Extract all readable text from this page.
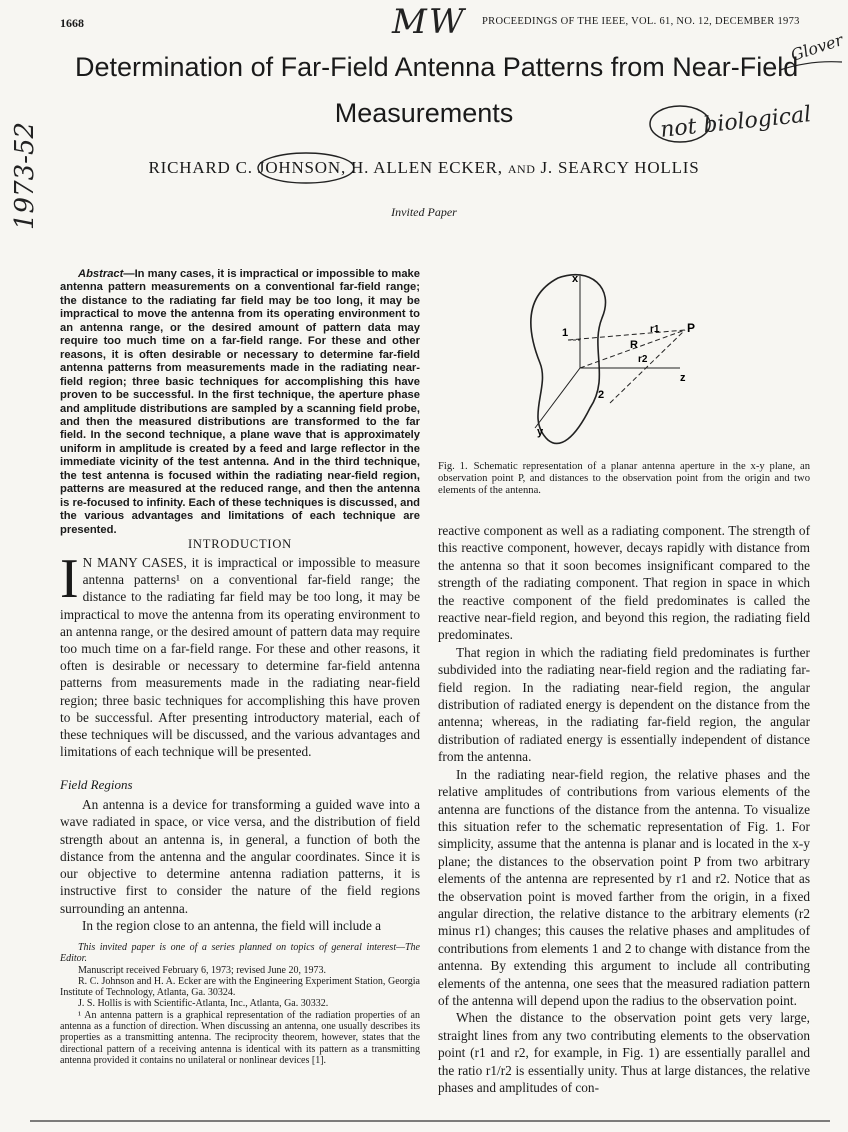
1668	PROCEEDINGS OF THE IEEE, VOL. 61, NO. 12, DECEMBER 1973
MW
1973-52
Glover
not biological
Determination of Far-Field Antenna Patterns from Near-Field
Measurements
RICHARD C. JOHNSON, H. ALLEN ECKER, AND J. SEARCY HOLLIS
Invited Paper
Abstract—In many cases, it is impractical or impossible to make antenna pattern measurements on a conventional far-field range; the distance to the radiating far field may be too long, it may be impractical to move the antenna from its operating environment to an antenna range, or the desired amount of pattern data may require too much time on a far-field range. For these and other reasons, it is often desirable or necessary to determine far-field antenna patterns from measurements made in the radiating near-field region; three basic techniques for accomplishing this have proven to be successful. In the first technique, the aperture phase and amplitude distributions are sampled by a scanning field probe, and then the measured distributions are transformed to the far field. In the second technique, a plane wave that is approximately uniform in amplitude is created by a feed and large reflector in the immediate vicinity of the test antenna. And in the third technique, the test antenna is focused within the radiating near-field region, patterns are measured at the reduced range, and then the antenna is re-focused to infinity. Each of these techniques is discussed, and the various advantages and limitations of each technique are presented.
INTRODUCTION
I N MANY CASES, it is impractical or impossible to measure antenna patterns¹ on a conventional far-field range; the distance to the radiating far field may be too long, it may be impractical to move the antenna from its operating environment to an antenna range, or the desired amount of pattern data may require too much time on a far-field range. For these and other reasons, it often is desirable or necessary to determine far-field antenna patterns from measurements made in the radiating near-field region; three basic techniques for accomplishing this have proven to be successful. After presenting introductory material, each of these techniques will be discussed, and the various advantages and limitations of each technique will be presented.
Field Regions
An antenna is a device for transforming a guided wave into a wave radiated in space, or vice versa, and the distribution of field strength about an antenna is, in general, a function of both the distance from the antenna and the angular coordinates. Since it is our objective to determine antenna radiation patterns, it is instructive first to consider the nature of the field regions surrounding an antenna.
In the region close to an antenna, the field will include a

This invited paper is one of a series planned on topics of general interest—The Editor.

Manuscript received February 6, 1973; revised June 20, 1973.

R. C. Johnson and H. A. Ecker are with the Engineering Experiment Station, Georgia Institute of Technology, Atlanta, Ga. 30324.

J. S. Hollis is with Scientific-Atlanta, Inc., Atlanta, Ga. 30332.

¹ An antenna pattern is a graphical representation of the radiation properties of an antenna as a function of direction. When discussing an antenna, one usually describes its properties as a transmitting antenna. The reciprocity theorem, however, states that the directional pattern of a receiving antenna is identical with its pattern as a transmitting antenna provided it contains no unilateral or nonlinear devices [1].

x
z
y
P
R
r1
r2
1
2
Fig. 1. Schematic representation of a planar antenna aperture in the x-y plane, an observation point P, and distances to the observation point from the origin and two elements of the antenna.

reactive component as well as a radiating component. The strength of this reactive component, however, decays rapidly with distance from the antenna so that it soon becomes insignificant compared to the strength of the radiating component. That region in space in which the reactive component of the field predominates is called the reactive near-field region, and beyond this region, the radiating field predominates.

That region in which the radiating field predominates is further subdivided into the radiating near-field region and the radiating far-field region. In the radiating near-field region, the angular distribution of radiated energy is dependent on the distance from the antenna; whereas, in the radiating far-field region, the angular distribution of radiated energy is essentially independent of distance from the antenna.

In the radiating near-field region, the relative phases and the relative amplitudes of contributions from various elements of the antenna are functions of the distance from the antenna. To visualize this situation refer to the schematic representation of Fig. 1. For simplicity, assume that the antenna is planar and is located in the x-y plane; the distances to the observation point P from two arbitrary elements of the antenna are represented by r1 and r2. Notice that as the observation point is moved farther from the origin, in a fixed angular direction, the relative distance to the arbitrary elements (r2 minus r1) changes; this causes the relative phases and amplitudes of contributions from elements 1 and 2 to change with distance from the antenna. By extending this argument to include all contributing elements of the antenna, one sees that the measured radiation pattern of the antenna will depend upon the radius to the observation point.

When the distance to the observation point gets very large, straight lines from any two contributing elements to the observation point (r1 and r2, for example, in Fig. 1) are essentially parallel and the ratio r1/r2 is essentially unity. Thus at large distances, the relative phases and amplitudes of con-
